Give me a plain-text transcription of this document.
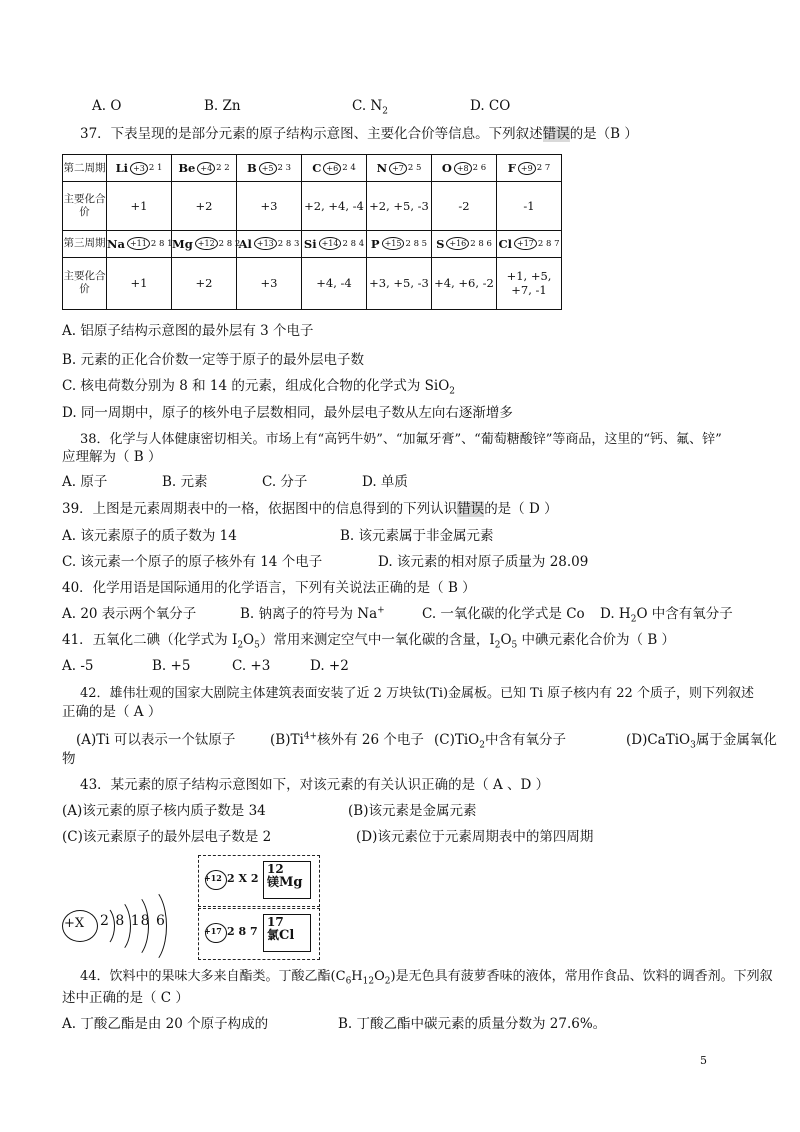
A. O	B. Zn	C. $N_2$	D. CO
37．下表呈现的是部分元素的原子结构示意图、主要化合价等信息。下列叙述错误的是（B ）
第二周期	Li +3 2 1	Be +4 2 2	B +5 2 3	C +6 2 4	N +7 2 5	O +8 2 6	F +9 2 7

主要化合价	+1	+2	+3	+2, +4, -4	+2, +5, -3	-2	-1
第三周期	Na +11 2 8 1	Mg +12 2 8 2	Al +13 2 8 3	Si +14 2 8 4	P +15 2 8 5	S +16 2 8 6	Cl +17 2 8 7

主要化合价	+1	+2	+3	+4, -4	+3, +5, -3	+4, +6, -2	+1, +5,
+7, -1
A. 铝原子结构示意图的最外层有 3 个电子
B. 元素的正化合价数一定等于原子的最外层电子数
C. 核电荷数分别为 8 和 14 的元素，组成化合物的化学式为 SiO$_2$
D. 同一周期中，原子的核外电子层数相同，最外层电子数从左向右逐渐增多
38．化学与人体健康密切相关。市场上有“高钙牛奶”、“加氟牙膏”、“葡萄糖酸锌”等商品，这里的“钙、氟、锌”
应理解为（ B ）
A. 原子	B. 元素	C. 分子	D. 单质
39．上图是元素周期表中的一格，依据图中的信息得到的下列认识错误的是（ D ）
A. 该元素原子的质子数为 14	B. 该元素属于非金属元素
C. 该元素一个原子的原子核外有 14 个电子	D. 该元素的相对原子质量为 28.09
40．化学用语是国际通用的化学语言，下列有关说法正确的是（ B ）
A. 20 表示两个氧分子	B. 钠离子的符号为 Na+	C. 一氧化碳的化学式是 Co D. $H_2O$ 中含有氧分子
41．五氧化二碘（化学式为 $I_2O_5$）常用来测定空气中一氧化碳的含量，$I_2O_5$ 中碘元素化合价为（ B ）
A. -5	B. +5	C. +3	D. +2
42．雄伟壮观的国家大剧院主体建筑表面安装了近 2 万块钛(Ti)金属板。已知 Ti 原子核内有 22 个质子，则下列叙述
正确的是（ A ）
(A)Ti 可以表示一个钛原子	$(B)Ti^{4+}$核外有 26 个电子 (C)TiO$_2$中含有氧分子	(D)CaTiO$_3$属于金属氧化
物
43．某元素的原子结构示意图如下，对该元素的有关认识正确的是（ A 、D ）
(A)该元素的原子核内质子数是 34	(B)该元素是金属元素
(C)该元素原子的最外层电子数是 2	(D)该元素位于元素周期表中的第四周期
+X 2 8 18 6
+12 2 X 2
12
镁Mg
+17 2 8 7
17
氯Cl
44．饮料中的果味大多来自酯类。丁酸乙酯$(C_6H_{12}O_2)$是无色具有菠萝香味的液体，常用作食品、饮料的调香剂。下列叙
述中正确的是（ C ）
A. 丁酸乙酯是由 20 个原子构成的	B. 丁酸乙酯中碳元素的质量分数为 27.6%。
5
